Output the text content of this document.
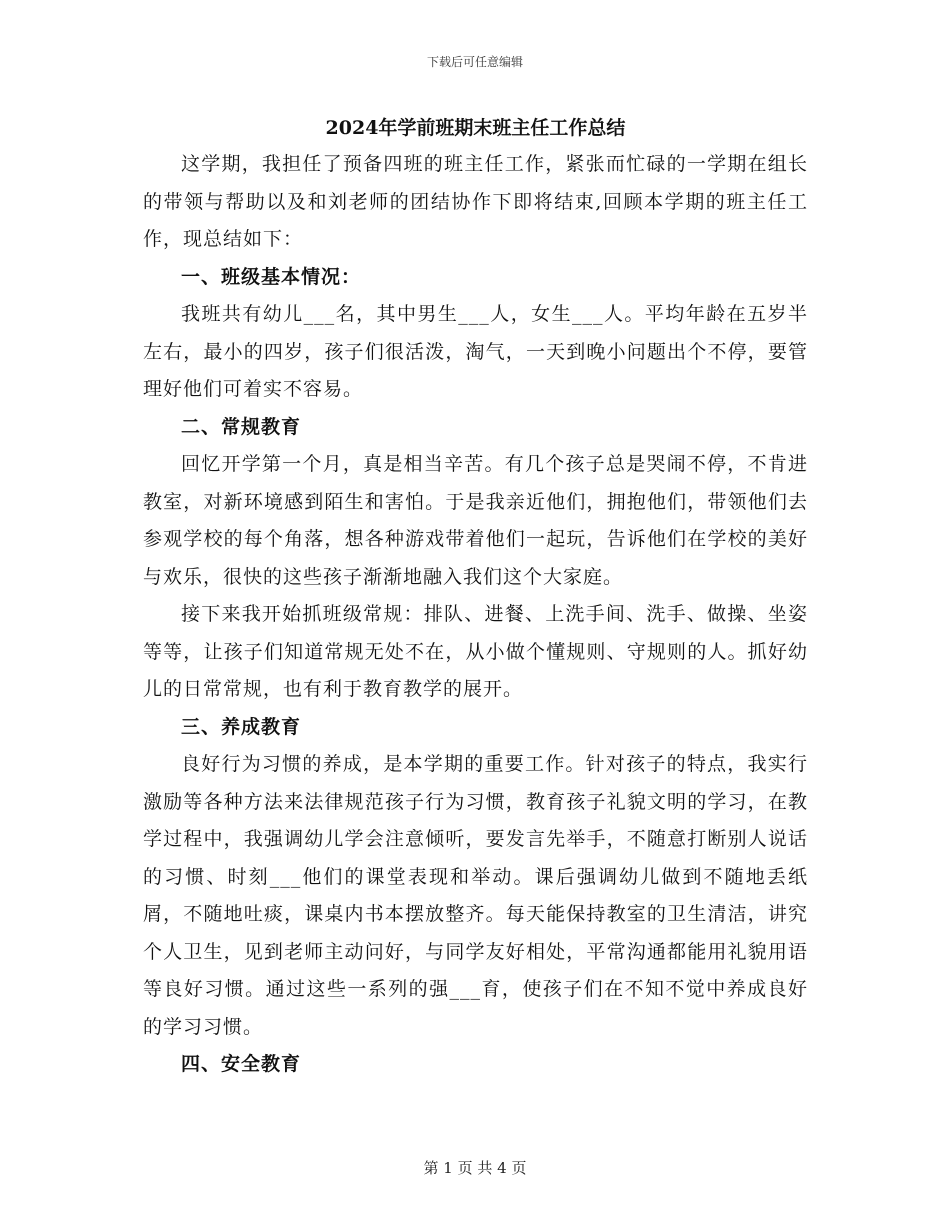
下载后可任意编辑
2024年学前班期末班主任工作总结

这学期，我担任了预备四班的班主任工作，紧张而忙碌的一学期在组长的带领与帮助以及和刘老师的团结协作下即将结束,回顾本学期的班主任工作，现总结如下：

一、班级基本情况：

我班共有幼儿___名，其中男生___人，女生___人。平均年龄在五岁半左右，最小的四岁，孩子们很活泼，淘气，一天到晚小问题出个不停，要管理好他们可着实不容易。

二、常规教育

回忆开学第一个月，真是相当辛苦。有几个孩子总是哭闹不停，不肯进教室，对新环境感到陌生和害怕。于是我亲近他们，拥抱他们，带领他们去参观学校的每个角落，想各种游戏带着他们一起玩，告诉他们在学校的美好与欢乐，很快的这些孩子渐渐地融入我们这个大家庭。

接下来我开始抓班级常规：排队、进餐、上洗手间、洗手、做操、坐姿等等，让孩子们知道常规无处不在，从小做个懂规则、守规则的人。抓好幼儿的日常常规，也有利于教育教学的展开。

三、养成教育

良好行为习惯的养成，是本学期的重要工作。针对孩子的特点，我实行激励等各种方法来法律规范孩子行为习惯，教育孩子礼貌文明的学习，在教学过程中，我强调幼儿学会注意倾听，要发言先举手，不随意打断别人说话的习惯、时刻___他们的课堂表现和举动。课后强调幼儿做到不随地丢纸屑，不随地吐痰，课桌内书本摆放整齐。每天能保持教室的卫生清洁，讲究个人卫生，见到老师主动问好，与同学友好相处，平常沟通都能用礼貌用语等良好习惯。通过这些一系列的强___育，使孩子们在不知不觉中养成良好的学习习惯。

四、安全教育

第 1 页 共 4 页
